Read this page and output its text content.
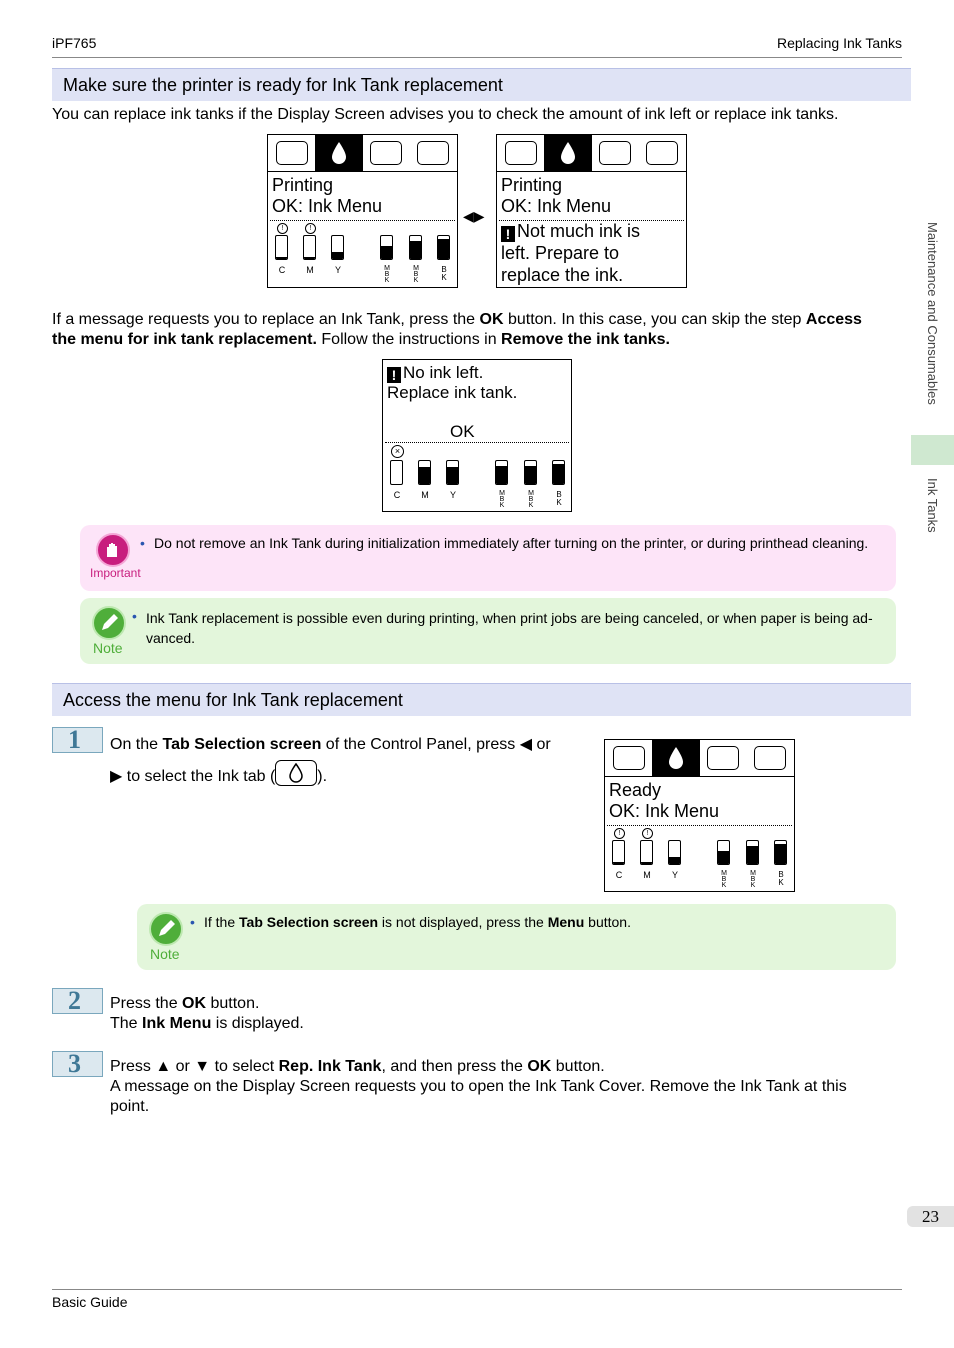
iPF765	Replacing Ink Tanks
Maintenance and Consumables
Ink Tanks
Make sure the printer is ready for Ink Tank replacement
You can replace ink tanks if the Display Screen advises you to check the amount of ink left or replace ink tanks.
Printing
OK: Ink Menu
!	!
C	M	Y	M
B
K
M
B
K
B
K
◀▶
Printing
OK: Ink Menu
! Not much ink is
left. Prepare to
replace the ink.
If a message requests you to replace an Ink Tank, press the OK button. In this case, you can skip the step Access
the menu for ink tank replacement. Follow the instructions in Remove the ink tanks.
! No ink left.
Replace ink tank.
OK
×
C	M	Y	M
B
K
M
B
K
B
K
Important
• Do not remove an Ink Tank during initialization immediately after turning on the printer, or during printhead cleaning.
Note
• Ink Tank replacement is possible even during printing, when print jobs are being canceled, or when paper is being ad-
vanced.
Access the menu for Ink Tank replacement
1 On the Tab Selection screen of the Control Panel, press ◀ or
▶ to select the Ink tab (	).
Ready
OK: Ink Menu
!	!
C	M	Y	M
B
K
M
B
K
B
K
Note
• If the Tab Selection screen is not displayed, press the Menu button.
2 Press the OK button.
The Ink Menu is displayed.
3 Press ▲ or ▼ to select Rep. Ink Tank, and then press the OK button.
A message on the Display Screen requests you to open the Ink Tank Cover. Remove the Ink Tank at this
point.
23
Basic Guide
